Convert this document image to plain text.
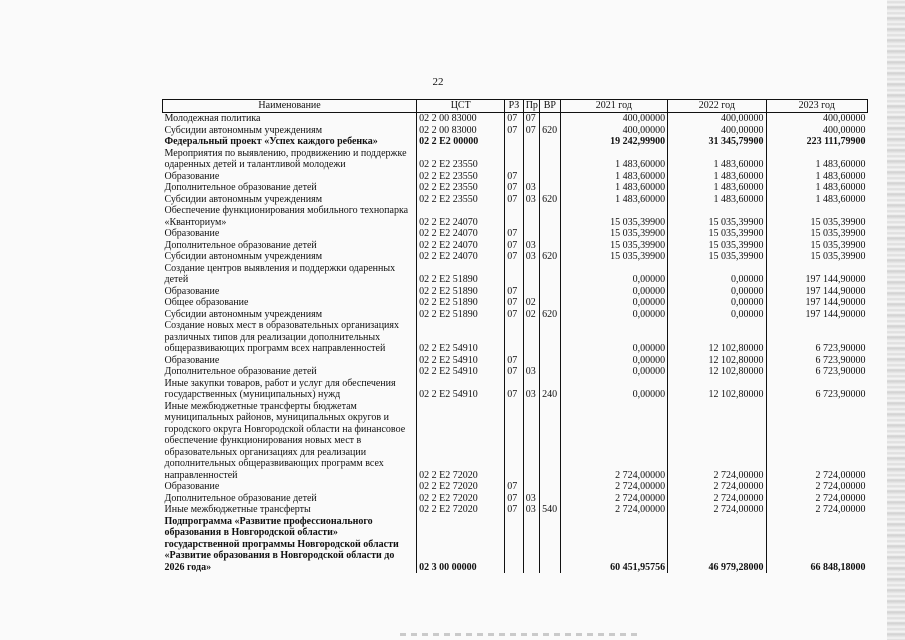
22
Наименование	ЦСТ	РЗ	Пр	ВР	2021 год	2022 год	2023 год
Молодежная политика	02 2 00 83000	07	07		400,00000	400,00000	400,00000
Субсидии автономным учреждениям	02 2 00 83000	07	07	620	400,00000	400,00000	400,00000
Федеральный проект «Успех каждого ребенка»	02 2 E2 00000				19 242,99900	31 345,79900	223 111,79900
Мероприятия по выявлению, продвижению и поддержке одаренных детей и талантливой молодежи	02 2 E2 23550				1 483,60000	1 483,60000	1 483,60000
Образование	02 2 E2 23550	07			1 483,60000	1 483,60000	1 483,60000
Дополнительное образование детей	02 2 E2 23550	07	03		1 483,60000	1 483,60000	1 483,60000
Субсидии автономным учреждениям	02 2 E2 23550	07	03	620	1 483,60000	1 483,60000	1 483,60000
Обеспечение функционирования мобильного технопарка «Кванториум»	02 2 E2 24070				15 035,39900	15 035,39900	15 035,39900
Образование	02 2 E2 24070	07			15 035,39900	15 035,39900	15 035,39900
Дополнительное образование детей	02 2 E2 24070	07	03		15 035,39900	15 035,39900	15 035,39900
Субсидии автономным учреждениям	02 2 E2 24070	07	03	620	15 035,39900	15 035,39900	15 035,39900
Создание центров выявления и поддержки одаренных детей	02 2 E2 51890				0,00000	0,00000	197 144,90000
Образование	02 2 E2 51890	07			0,00000	0,00000	197 144,90000
Общее образование	02 2 E2 51890	07	02		0,00000	0,00000	197 144,90000
Субсидии автономным учреждениям	02 2 E2 51890	07	02	620	0,00000	0,00000	197 144,90000
Создание новых мест в образовательных организациях различных типов для реализации дополнительных общеразвивающих программ всех направленностей	02 2 E2 54910				0,00000	12 102,80000	6 723,90000
Образование	02 2 E2 54910	07			0,00000	12 102,80000	6 723,90000
Дополнительное образование детей	02 2 E2 54910	07	03		0,00000	12 102,80000	6 723,90000
Иные закупки товаров, работ и услуг для обеспечения государственных (муниципальных) нужд	02 2 E2 54910	07	03	240	0,00000	12 102,80000	6 723,90000
Иные межбюджетные трансферты бюджетам муниципальных районов, муниципальных округов и городского округа Новгородской области на финансовое обеспечение функционирования новых мест в образовательных организациях для реализации дополнительных общеразвивающих программ всех направленностей	02 2 E2 72020				2 724,00000	2 724,00000	2 724,00000
Образование	02 2 E2 72020	07			2 724,00000	2 724,00000	2 724,00000
Дополнительное образование детей	02 2 E2 72020	07	03		2 724,00000	2 724,00000	2 724,00000
Иные межбюджетные трансферты	02 2 E2 72020	07	03	540	2 724,00000	2 724,00000	2 724,00000
Подпрограмма «Развитие профессионального образования в Новгородской области» государственной программы Новгородской области «Развитие образования в Новгородской области до 2026 года»	02 3 00 00000				60 451,95756	46 979,28000	66 848,18000
